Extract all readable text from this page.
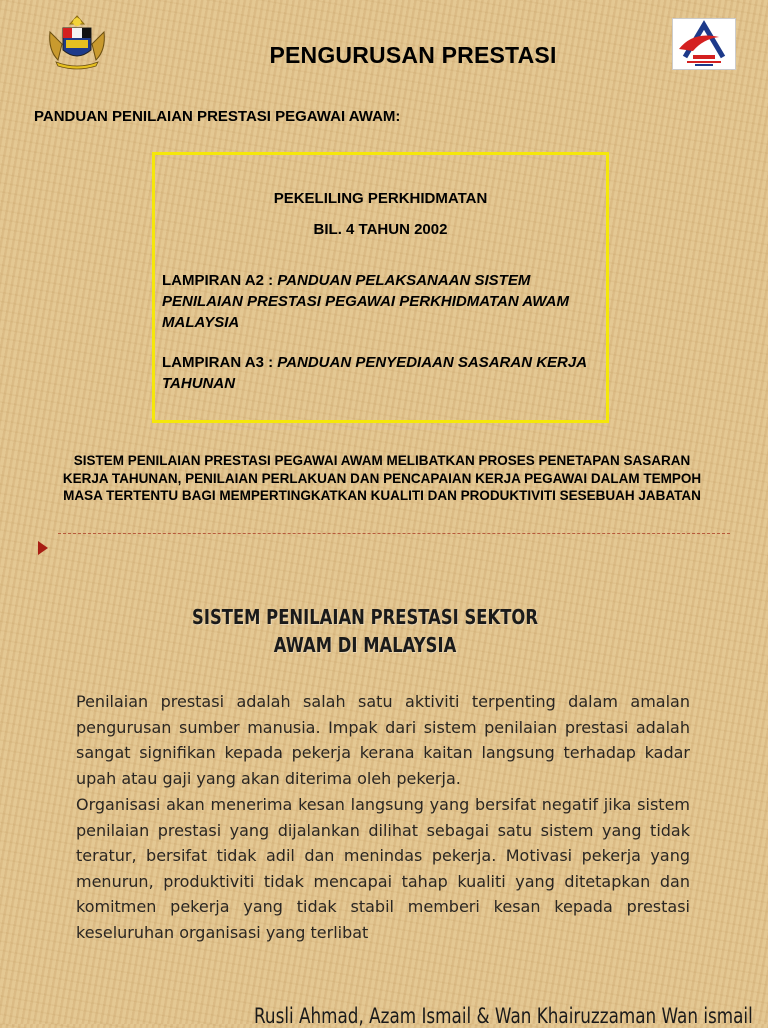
PENGURUSAN PRESTASI
PANDUAN PENILAIAN PRESTASI PEGAWAI AWAM:
PEKELILING PERKHIDMATAN
BIL. 4 TAHUN 2002
LAMPIRAN A2 : PANDUAN PELAKSANAAN SISTEM PENILAIAN PRESTASI PEGAWAI PERKHIDMATAN AWAM MALAYSIA
LAMPIRAN A3 : PANDUAN PENYEDIAAN SASARAN KERJA TAHUNAN
SISTEM PENILAIAN PRESTASI PEGAWAI AWAM MELIBATKAN PROSES PENETAPAN SASARAN KERJA TAHUNAN, PENILAIAN PERLAKUAN DAN PENCAPAIAN KERJA PEGAWAI DALAM TEMPOH MASA TERTENTU BAGI MEMPERTINGKATKAN KUALITI DAN PRODUKTIVITI SESEBUAH JABATAN
SISTEM PENILAIAN PRESTASI SEKTOR
AWAM DI MALAYSIA
Penilaian prestasi adalah salah satu aktiviti terpenting dalam amalan pengurusan sumber manusia. Impak dari sistem penilaian prestasi adalah sangat signifikan kepada pekerja kerana kaitan langsung terhadap kadar upah atau gaji yang akan diterima oleh pekerja.
Organisasi akan menerima kesan langsung yang bersifat negatif jika sistem penilaian prestasi yang dijalankan dilihat sebagai satu sistem yang tidak teratur, bersifat tidak adil dan menindas pekerja. Motivasi pekerja yang menurun, produktiviti tidak mencapai tahap kualiti yang ditetapkan dan komitmen pekerja yang tidak stabil memberi kesan kepada prestasi keseluruhan organisasi yang terlibat
Rusli Ahmad, Azam Ismail & Wan Khairuzzaman Wan ismail
